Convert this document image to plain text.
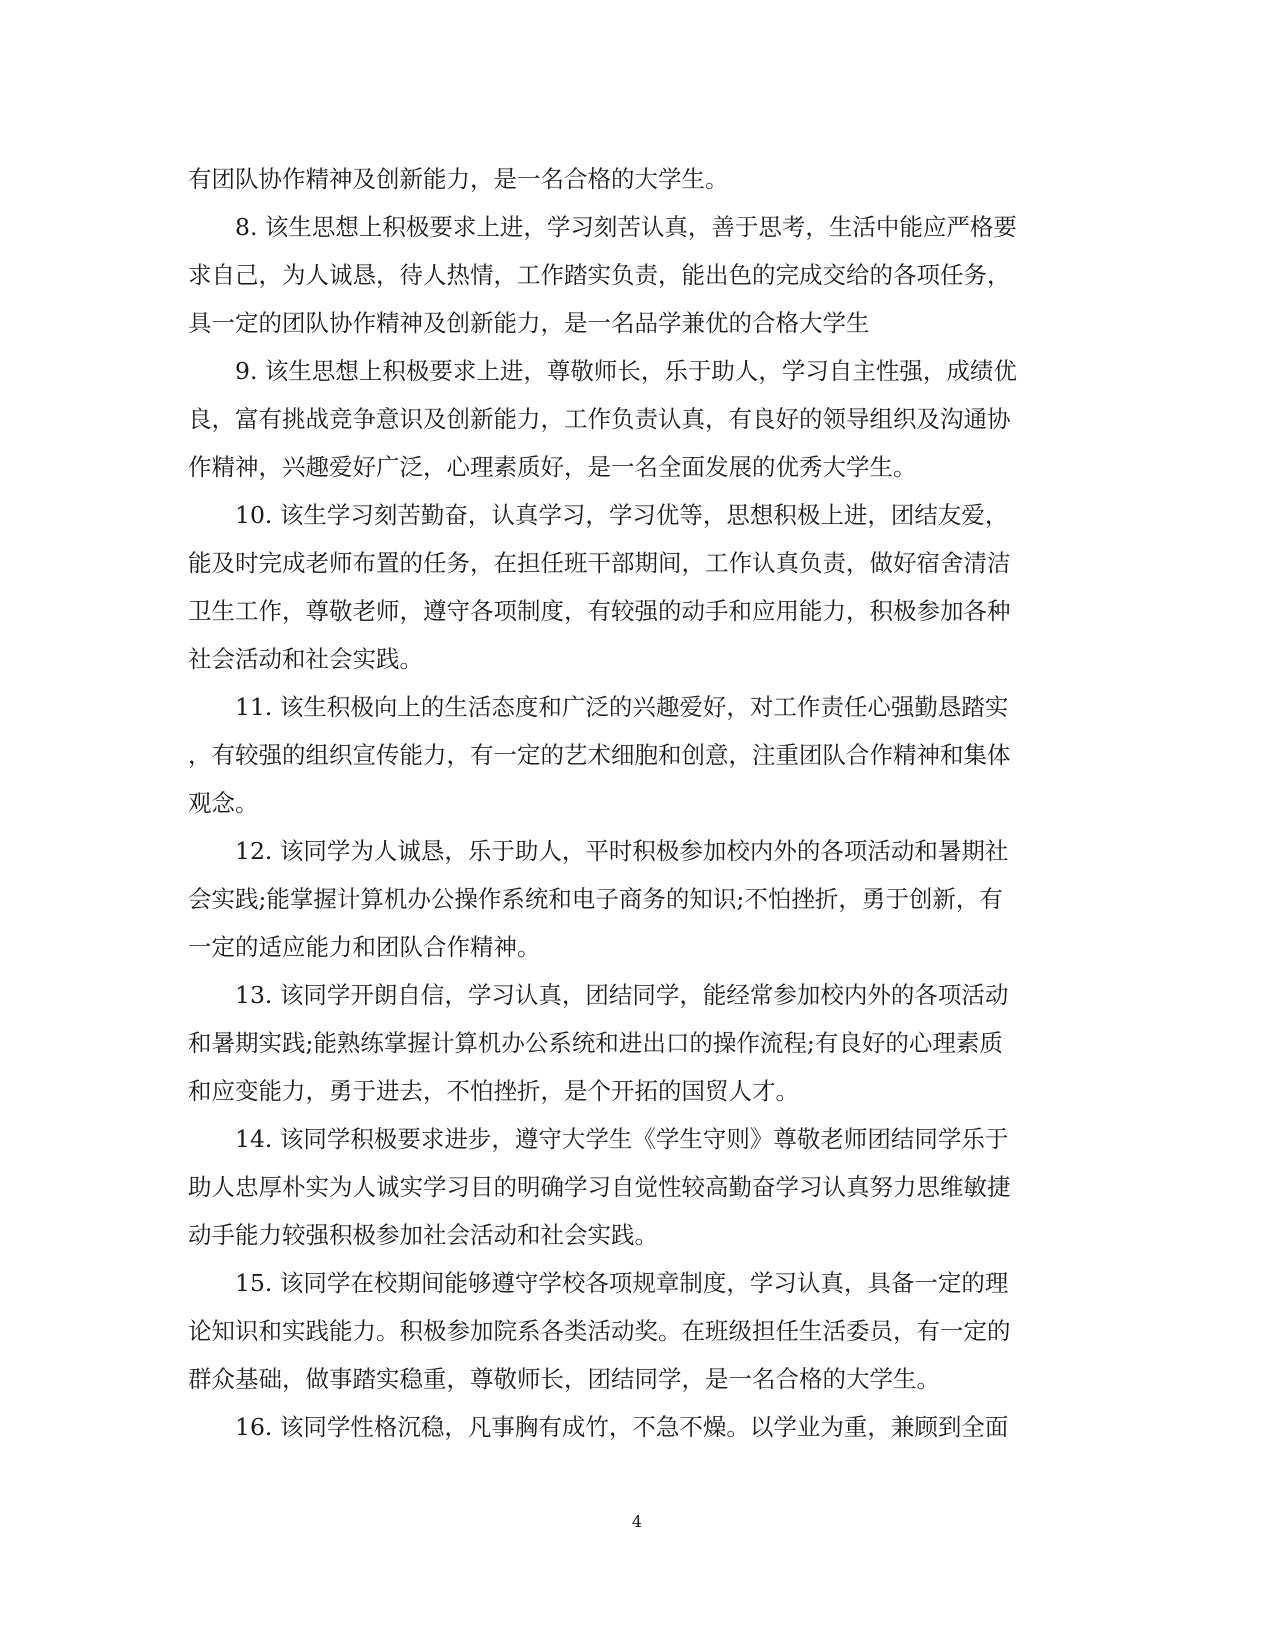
有团队协作精神及创新能力，是一名合格的大学生。
8. 该生思想上积极要求上进，学习刻苦认真，善于思考，生活中能应严格要
求自己，为人诚恳，待人热情，工作踏实负责，能出色的完成交给的各项任务，
具一定的团队协作精神及创新能力，是一名品学兼优的合格大学生
9. 该生思想上积极要求上进，尊敬师长，乐于助人，学习自主性强，成绩优
良，富有挑战竞争意识及创新能力，工作负责认真，有良好的领导组织及沟通协
作精神，兴趣爱好广泛，心理素质好，是一名全面发展的优秀大学生。
10. 该生学习刻苦勤奋，认真学习，学习优等，思想积极上进，团结友爱，
能及时完成老师布置的任务，在担任班干部期间，工作认真负责，做好宿舍清洁
卫生工作，尊敬老师，遵守各项制度，有较强的动手和应用能力，积极参加各种
社会活动和社会实践。
11. 该生积极向上的生活态度和广泛的兴趣爱好，对工作责任心强勤恳踏实
，有较强的组织宣传能力，有一定的艺术细胞和创意，注重团队合作精神和集体
观念。
12. 该同学为人诚恳，乐于助人，平时积极参加校内外的各项活动和暑期社
会实践;能掌握计算机办公操作系统和电子商务的知识;不怕挫折，勇于创新，有
一定的适应能力和团队合作精神。
13. 该同学开朗自信，学习认真，团结同学，能经常参加校内外的各项活动
和暑期实践;能熟练掌握计算机办公系统和进出口的操作流程;有良好的心理素质
和应变能力，勇于进去，不怕挫折，是个开拓的国贸人才。
14. 该同学积极要求进步，遵守大学生《学生守则》尊敬老师团结同学乐于
助人忠厚朴实为人诚实学习目的明确学习自觉性较高勤奋学习认真努力思维敏捷
动手能力较强积极参加社会活动和社会实践。
15. 该同学在校期间能够遵守学校各项规章制度，学习认真，具备一定的理
论知识和实践能力。积极参加院系各类活动奖。在班级担任生活委员，有一定的
群众基础，做事踏实稳重，尊敬师长，团结同学，是一名合格的大学生。
16. 该同学性格沉稳，凡事胸有成竹，不急不燥。以学业为重，兼顾到全面
4
